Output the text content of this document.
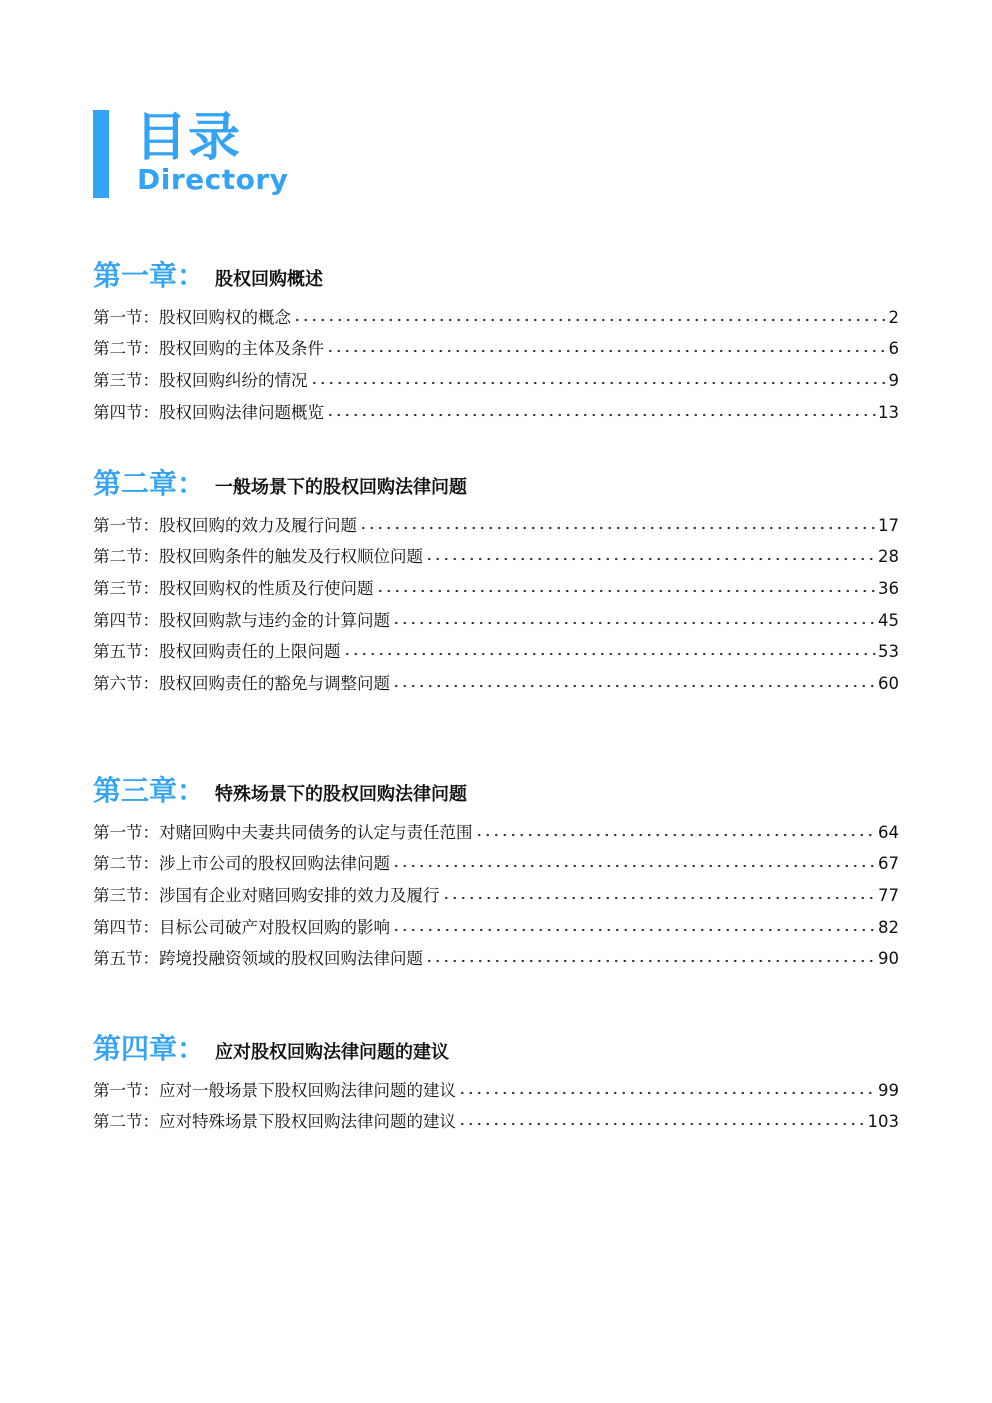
目录
Directory
第一章： 股权回购概述
第一节： 股权回购权的概念	2
第二节： 股权回购的主体及条件	6
第三节： 股权回购纠纷的情况	9
第四节： 股权回购法律问题概览	13
第二章： 一般场景下的股权回购法律问题
第一节： 股权回购的效力及履行问题	17
第二节： 股权回购条件的触发及行权顺位问题	28
第三节： 股权回购权的性质及行使问题	36
第四节： 股权回购款与违约金的计算问题	45
第五节： 股权回购责任的上限问题	53
第六节： 股权回购责任的豁免与调整问题	60
第三章： 特殊场景下的股权回购法律问题
第一节： 对赌回购中夫妻共同债务的认定与责任范围	64
第二节： 涉上市公司的股权回购法律问题	67
第三节： 涉国有企业对赌回购安排的效力及履行	77
第四节： 目标公司破产对股权回购的影响	82
第五节： 跨境投融资领域的股权回购法律问题	90
第四章： 应对股权回购法律问题的建议
第一节： 应对一般场景下股权回购法律问题的建议	99
第二节： 应对特殊场景下股权回购法律问题的建议	103
